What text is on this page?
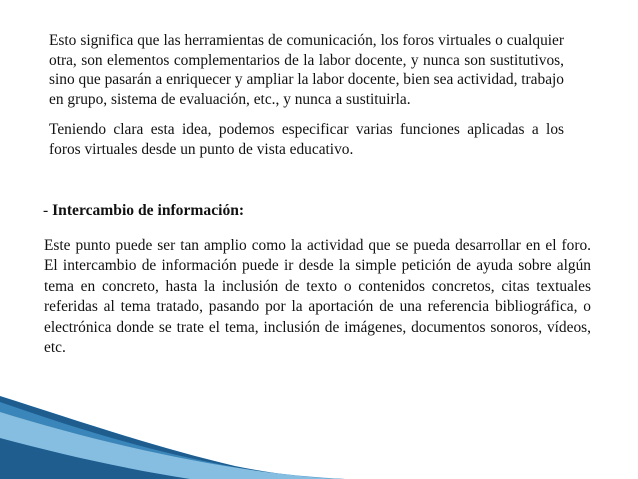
Esto significa que las herramientas de comunicación, los foros virtuales o cualquier otra, son elementos complementarios de la labor docente, y nunca son sustitutivos, sino que pasarán a enriquecer y ampliar la labor docente, bien sea actividad, trabajo en grupo, sistema de evaluación, etc., y nunca a sustituirla.

Teniendo clara esta idea, podemos especificar varias funciones aplicadas a los foros virtuales desde un punto de vista educativo.

- Intercambio de información:

Este punto puede ser tan amplio como la actividad que se pueda desarrollar en el foro. El intercambio de información puede ir desde la simple petición de ayuda sobre algún tema en concreto, hasta la inclusión de texto o contenidos concretos, citas textuales referidas al tema tratado, pasando por la aportación de una referencia bibliográfica, o electrónica donde se trate el tema, inclusión de imágenes, documentos sonoros, vídeos, etc.
